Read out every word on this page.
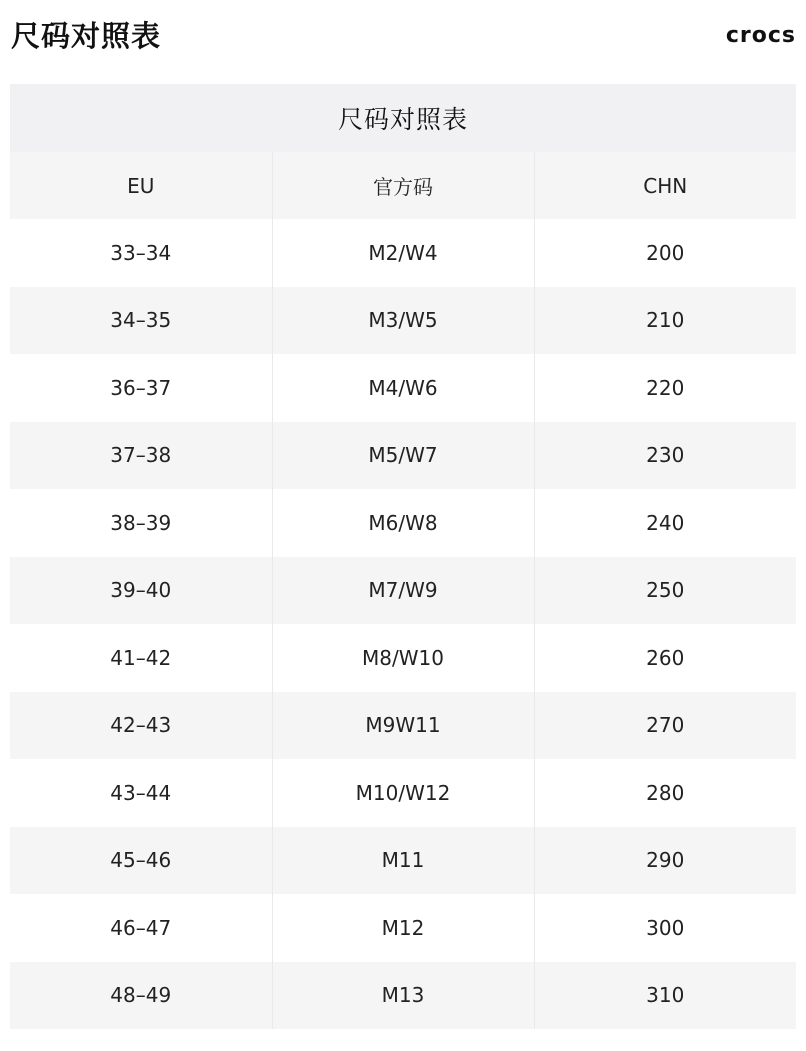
尺码对照表	crocs
尺码对照表		
EU	官方码	CHN
33–34	M2/W4	200
34–35	M3/W5	210
36–37	M4/W6	220
37–38	M5/W7	230
38–39	M6/W8	240
39–40	M7/W9	250
41–42	M8/W10	260
42–43	M9W11	270
43–44	M10/W12	280
45–46	M11	290
46–47	M12	300
48–49	M13	310
